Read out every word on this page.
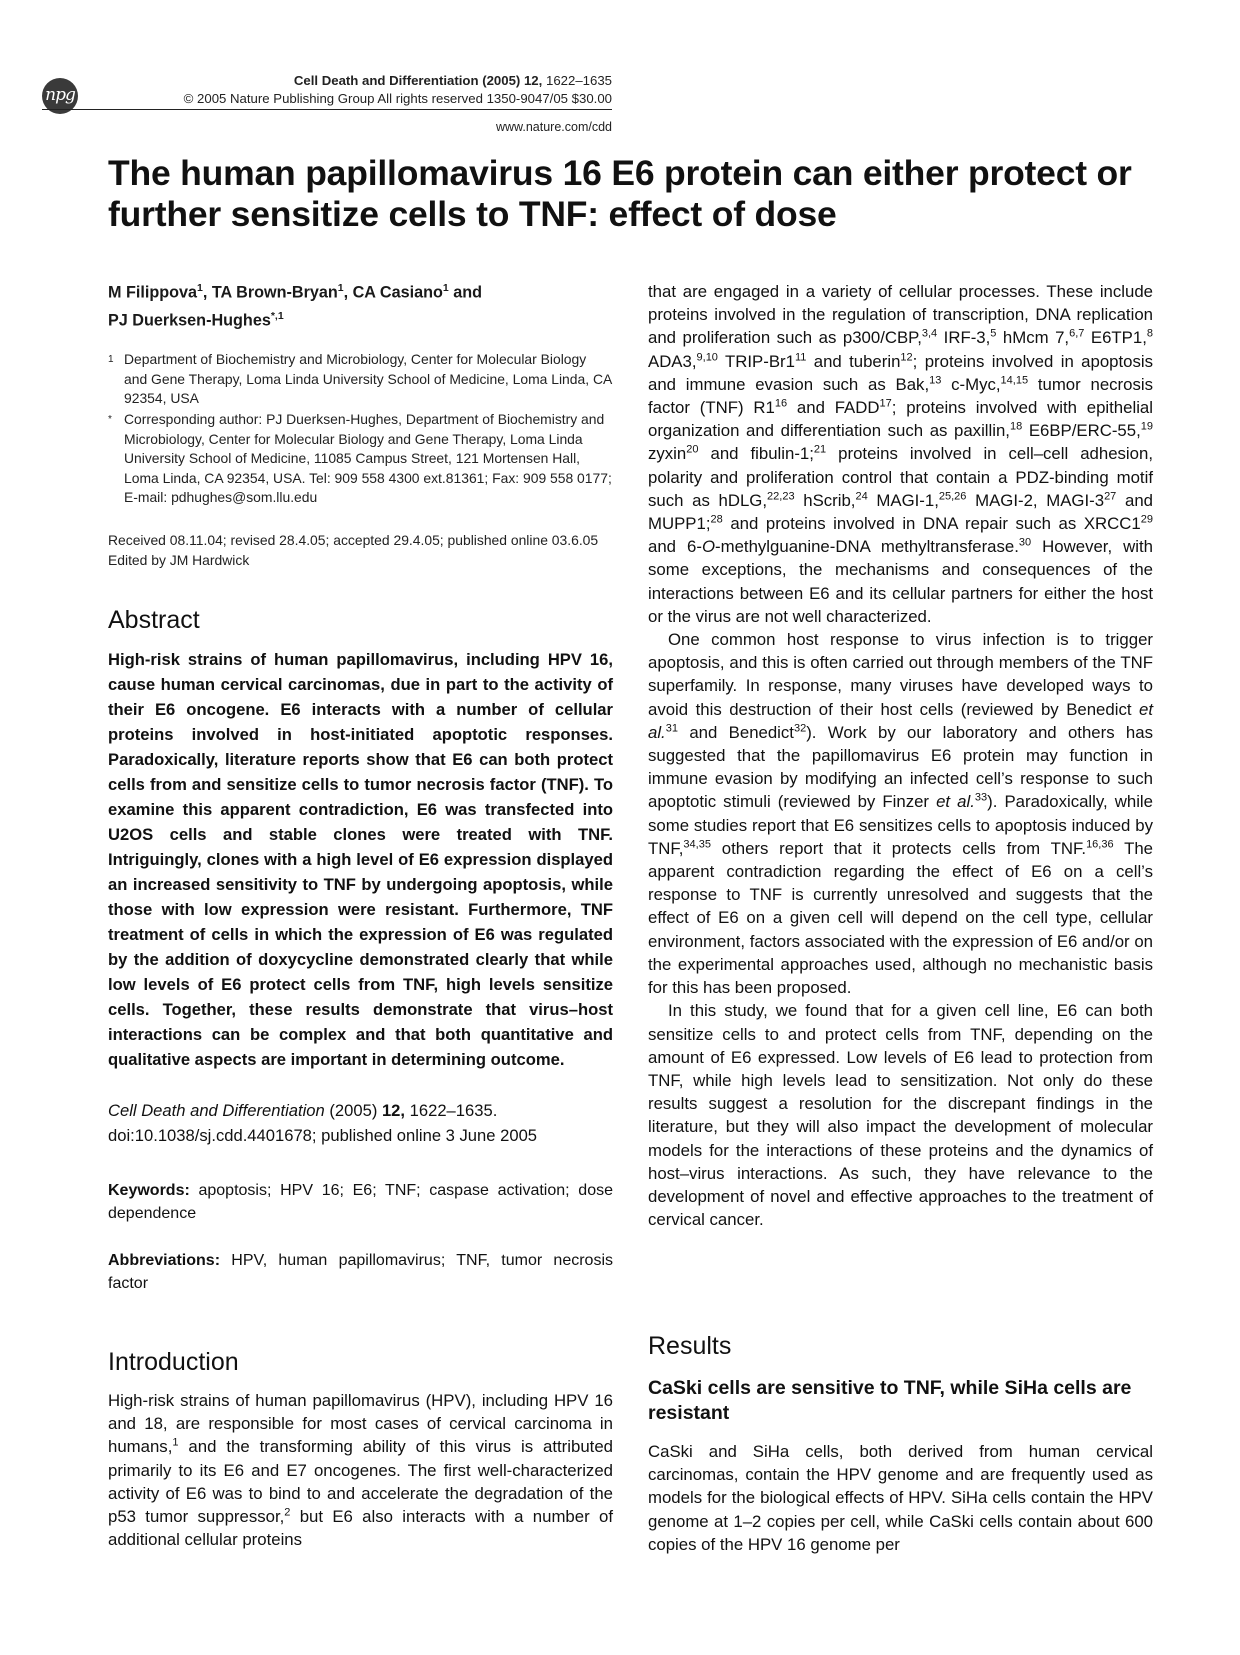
npg
Cell Death and Differentiation (2005) 12, 1622–1635
© 2005 Nature Publishing Group All rights reserved 1350-9047/05 $30.00
www.nature.com/cdd
The human papillomavirus 16 E6 protein can either protect or further sensitize cells to TNF: effect of dose
M Filippova$^1$, TA Brown-Bryan$^1$, CA Casiano$^1$ and
PJ Duerksen-Hughes$^{*,1}$
1 Department of Biochemistry and Microbiology, Center for Molecular Biology and Gene Therapy, Loma Linda University School of Medicine, Loma Linda, CA 92354, USA
* Corresponding author: PJ Duerksen-Hughes, Department of Biochemistry and Microbiology, Center for Molecular Biology and Gene Therapy, Loma Linda University School of Medicine, 11085 Campus Street, 121 Mortensen Hall, Loma Linda, CA 92354, USA. Tel: 909 558 4300 ext.81361; Fax: 909 558 0177; E-mail: pdhughes@som.llu.edu
Received 08.11.04; revised 28.4.05; accepted 29.4.05; published online 03.6.05
Edited by JM Hardwick
Abstract
High-risk strains of human papillomavirus, including HPV 16, cause human cervical carcinomas, due in part to the activity of their E6 oncogene. E6 interacts with a number of cellular proteins involved in host-initiated apoptotic responses. Paradoxically, literature reports show that E6 can both protect cells from and sensitize cells to tumor necrosis factor (TNF). To examine this apparent contradiction, E6 was transfected into U2OS cells and stable clones were treated with TNF. Intriguingly, clones with a high level of E6 expression displayed an increased sensitivity to TNF by undergoing apoptosis, while those with low expression were resistant. Furthermore, TNF treatment of cells in which the expression of E6 was regulated by the addition of doxycycline demonstrated clearly that while low levels of E6 protect cells from TNF, high levels sensitize cells. Together, these results demonstrate that virus–host interactions can be complex and that both quantitative and qualitative aspects are important in determining outcome.
Cell Death and Differentiation (2005) 12, 1622–1635.
doi:10.1038/sj.cdd.4401678; published online 3 June 2005
Keywords: apoptosis; HPV 16; E6; TNF; caspase activation; dose dependence
Abbreviations: HPV, human papillomavirus; TNF, tumor necrosis factor
Introduction

High-risk strains of human papillomavirus (HPV), including HPV 16 and 18, are responsible for most cases of cervical carcinoma in humans,$^1$ and the transforming ability of this virus is attributed primarily to its E6 and E7 oncogenes. The first well-characterized activity of E6 was to bind to and accelerate the degradation of the p53 tumor suppressor,$^2$ but E6 also interacts with a number of additional cellular proteins

that are engaged in a variety of cellular processes. These include proteins involved in the regulation of transcription, DNA replication and proliferation such as p300/CBP,$^{3,4}$ IRF-3,$^5$ hMcm 7,$^{6,7}$ E6TP1,$^8$ ADA3,$^{9,10}$ TRIP-$Br1^{11}$ and tuberin$^{12}$; proteins involved in apoptosis and immune evasion such as Bak,$^{13}$ c-Myc,$^{14,15}$ tumor necrosis factor (TNF) $R1^{16}$ and FADD$^{17}$; proteins involved with epithelial organization and differentiation such as paxillin,$^{18}$ E6BP/ERC-55,19 zyxin$^{20}$ and fibulin-1;$^{21}$ proteins involved in cell–cell adhesion, polarity and proliferation control that contain a PDZ-binding motif such as hDLG,$^{22,23}$ hScrib,$^{24}$ MAGI-1,$^{25,26}$ MAGI-2, MAGI-$3^{27}$ and MUPP1;$^{28}$ and proteins involved in DNA repair such as $XRCC1^{29}$ and 6-O-methylguanine-DNA methyltransferase.$^{30}$ However, with some exceptions, the mechanisms and consequences of the interactions between E6 and its cellular partners for either the host or the virus are not well characterized.

One common host response to virus infection is to trigger apoptosis, and this is often carried out through members of the TNF superfamily. In response, many viruses have developed ways to avoid this destruction of their host cells (reviewed by Benedict et al.$^{31}$ and Benedict$^{32}$). Work by our laboratory and others has suggested that the papillomavirus E6 protein may function in immune evasion by modifying an infected cell’s response to such apoptotic stimuli (reviewed by Finzer et al.$^{33}$). Paradoxically, while some studies report that E6 sensitizes cells to apoptosis induced by TNF,$^{34,35}$ others report that it protects cells from TNF.$^{16,36}$ The apparent contradiction regarding the effect of E6 on a cell’s response to TNF is currently unresolved and suggests that the effect of E6 on a given cell will depend on the cell type, cellular environment, factors associated with the expression of E6 and/or on the experimental approaches used, although no mechanistic basis for this has been proposed.

In this study, we found that for a given cell line, E6 can both sensitize cells to and protect cells from TNF, depending on the amount of E6 expressed. Low levels of E6 lead to protection from TNF, while high levels lead to sensitization. Not only do these results suggest a resolution for the discrepant findings in the literature, but they will also impact the development of molecular models for the interactions of these proteins and the dynamics of host–virus interactions. As such, they have relevance to the development of novel and effective approaches to the treatment of cervical cancer.

Results
CaSki cells are sensitive to TNF, while SiHa cells are resistant

CaSki and SiHa cells, both derived from human cervical carcinomas, contain the HPV genome and are frequently used as models for the biological effects of HPV. SiHa cells contain the HPV genome at 1–2 copies per cell, while CaSki cells contain about 600 copies of the HPV 16 genome per
